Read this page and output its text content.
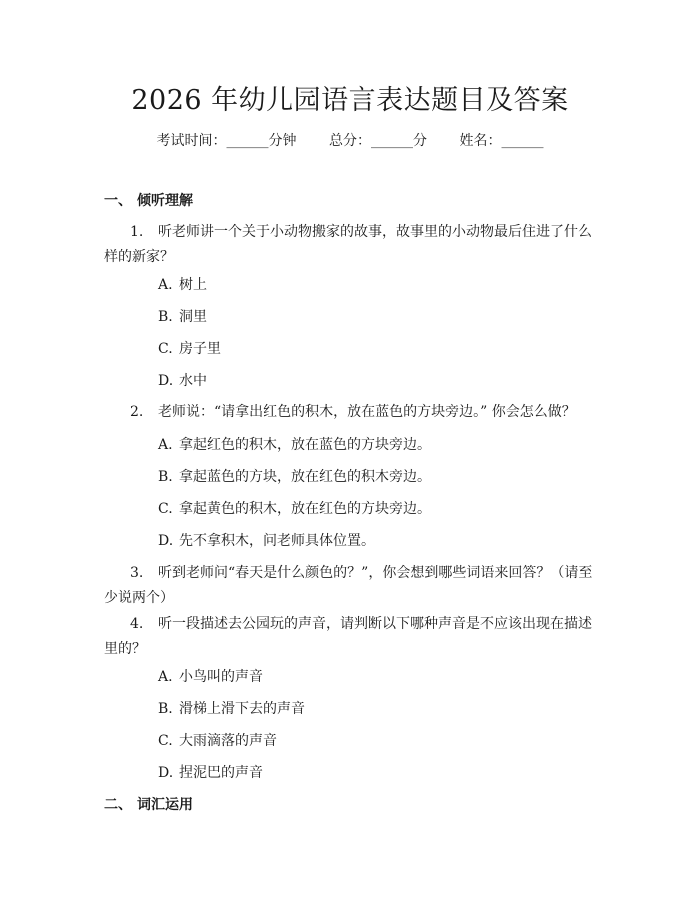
2026 年幼儿园语言表达题目及答案
考试时间：______分钟 总分：______分 姓名：______
一、 倾听理解
1. 听老师讲一个关于小动物搬家的故事，故事里的小动物最后住进了什么样的新家？
A. 树上
B. 洞里
C. 房子里
D. 水中
2. 老师说：“请拿出红色的积木，放在蓝色的方块旁边。” 你会怎么做？
A. 拿起红色的积木，放在蓝色的方块旁边。
B. 拿起蓝色的方块，放在红色的积木旁边。
C. 拿起黄色的积木，放在红色的方块旁边。
D. 先不拿积木，问老师具体位置。
3. 听到老师问“春天是什么颜色的？”，你会想到哪些词语来回答？（请至少说两个）
4. 听一段描述去公园玩的声音，请判断以下哪种声音是不应该出现在描述里的？
A. 小鸟叫的声音
B. 滑梯上滑下去的声音
C. 大雨滴落的声音
D. 捏泥巴的声音
二、 词汇运用
